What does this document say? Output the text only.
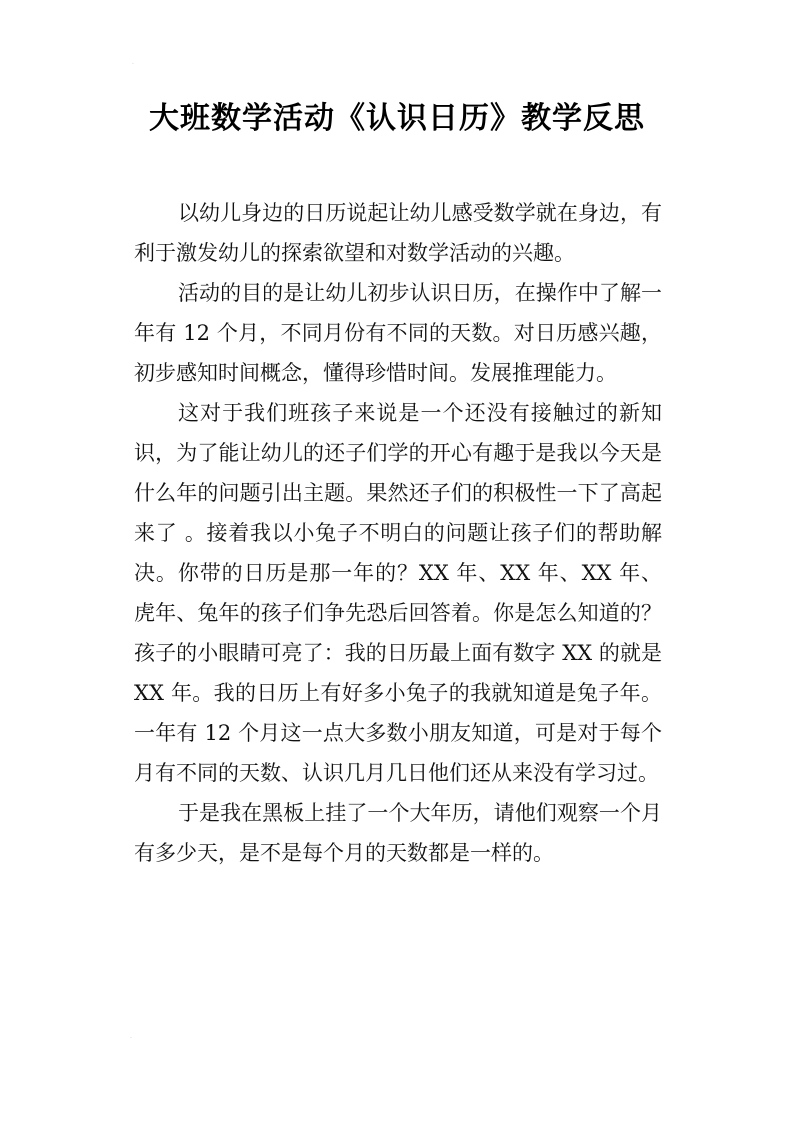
·
大班数学活动《认识日历》教学反思

以幼儿身边的日历说起让幼儿感受数学就在身边，有利于激发幼儿的探索欲望和对数学活动的兴趣。

活动的目的是让幼儿初步认识日历，在操作中了解一年有 12 个月，不同月份有不同的天数。对日历感兴趣，初步感知时间概念，懂得珍惜时间。发展推理能力。

这对于我们班孩子来说是一个还没有接触过的新知识，为了能让幼儿的还子们学的开心有趣于是我以今天是什么年的问题引出主题。果然还子们的积极性一下了高起来了 。接着我以小兔子不明白的问题让孩子们的帮助解决。你带的日历是那一年的？XX 年、XX 年、XX 年、虎年、兔年的孩子们争先恐后回答着。你是怎么知道的？孩子的小眼睛可亮了：我的日历最上面有数字 XX 的就是 XX 年。我的日历上有好多小兔子的我就知道是兔子年。一年有 12 个月这一点大多数小朋友知道，可是对于每个月有不同的天数、认识几月几日他们还从来没有学习过。

于是我在黑板上挂了一个大年历，请他们观察一个月有多少天，是不是每个月的天数都是一样的。

·
